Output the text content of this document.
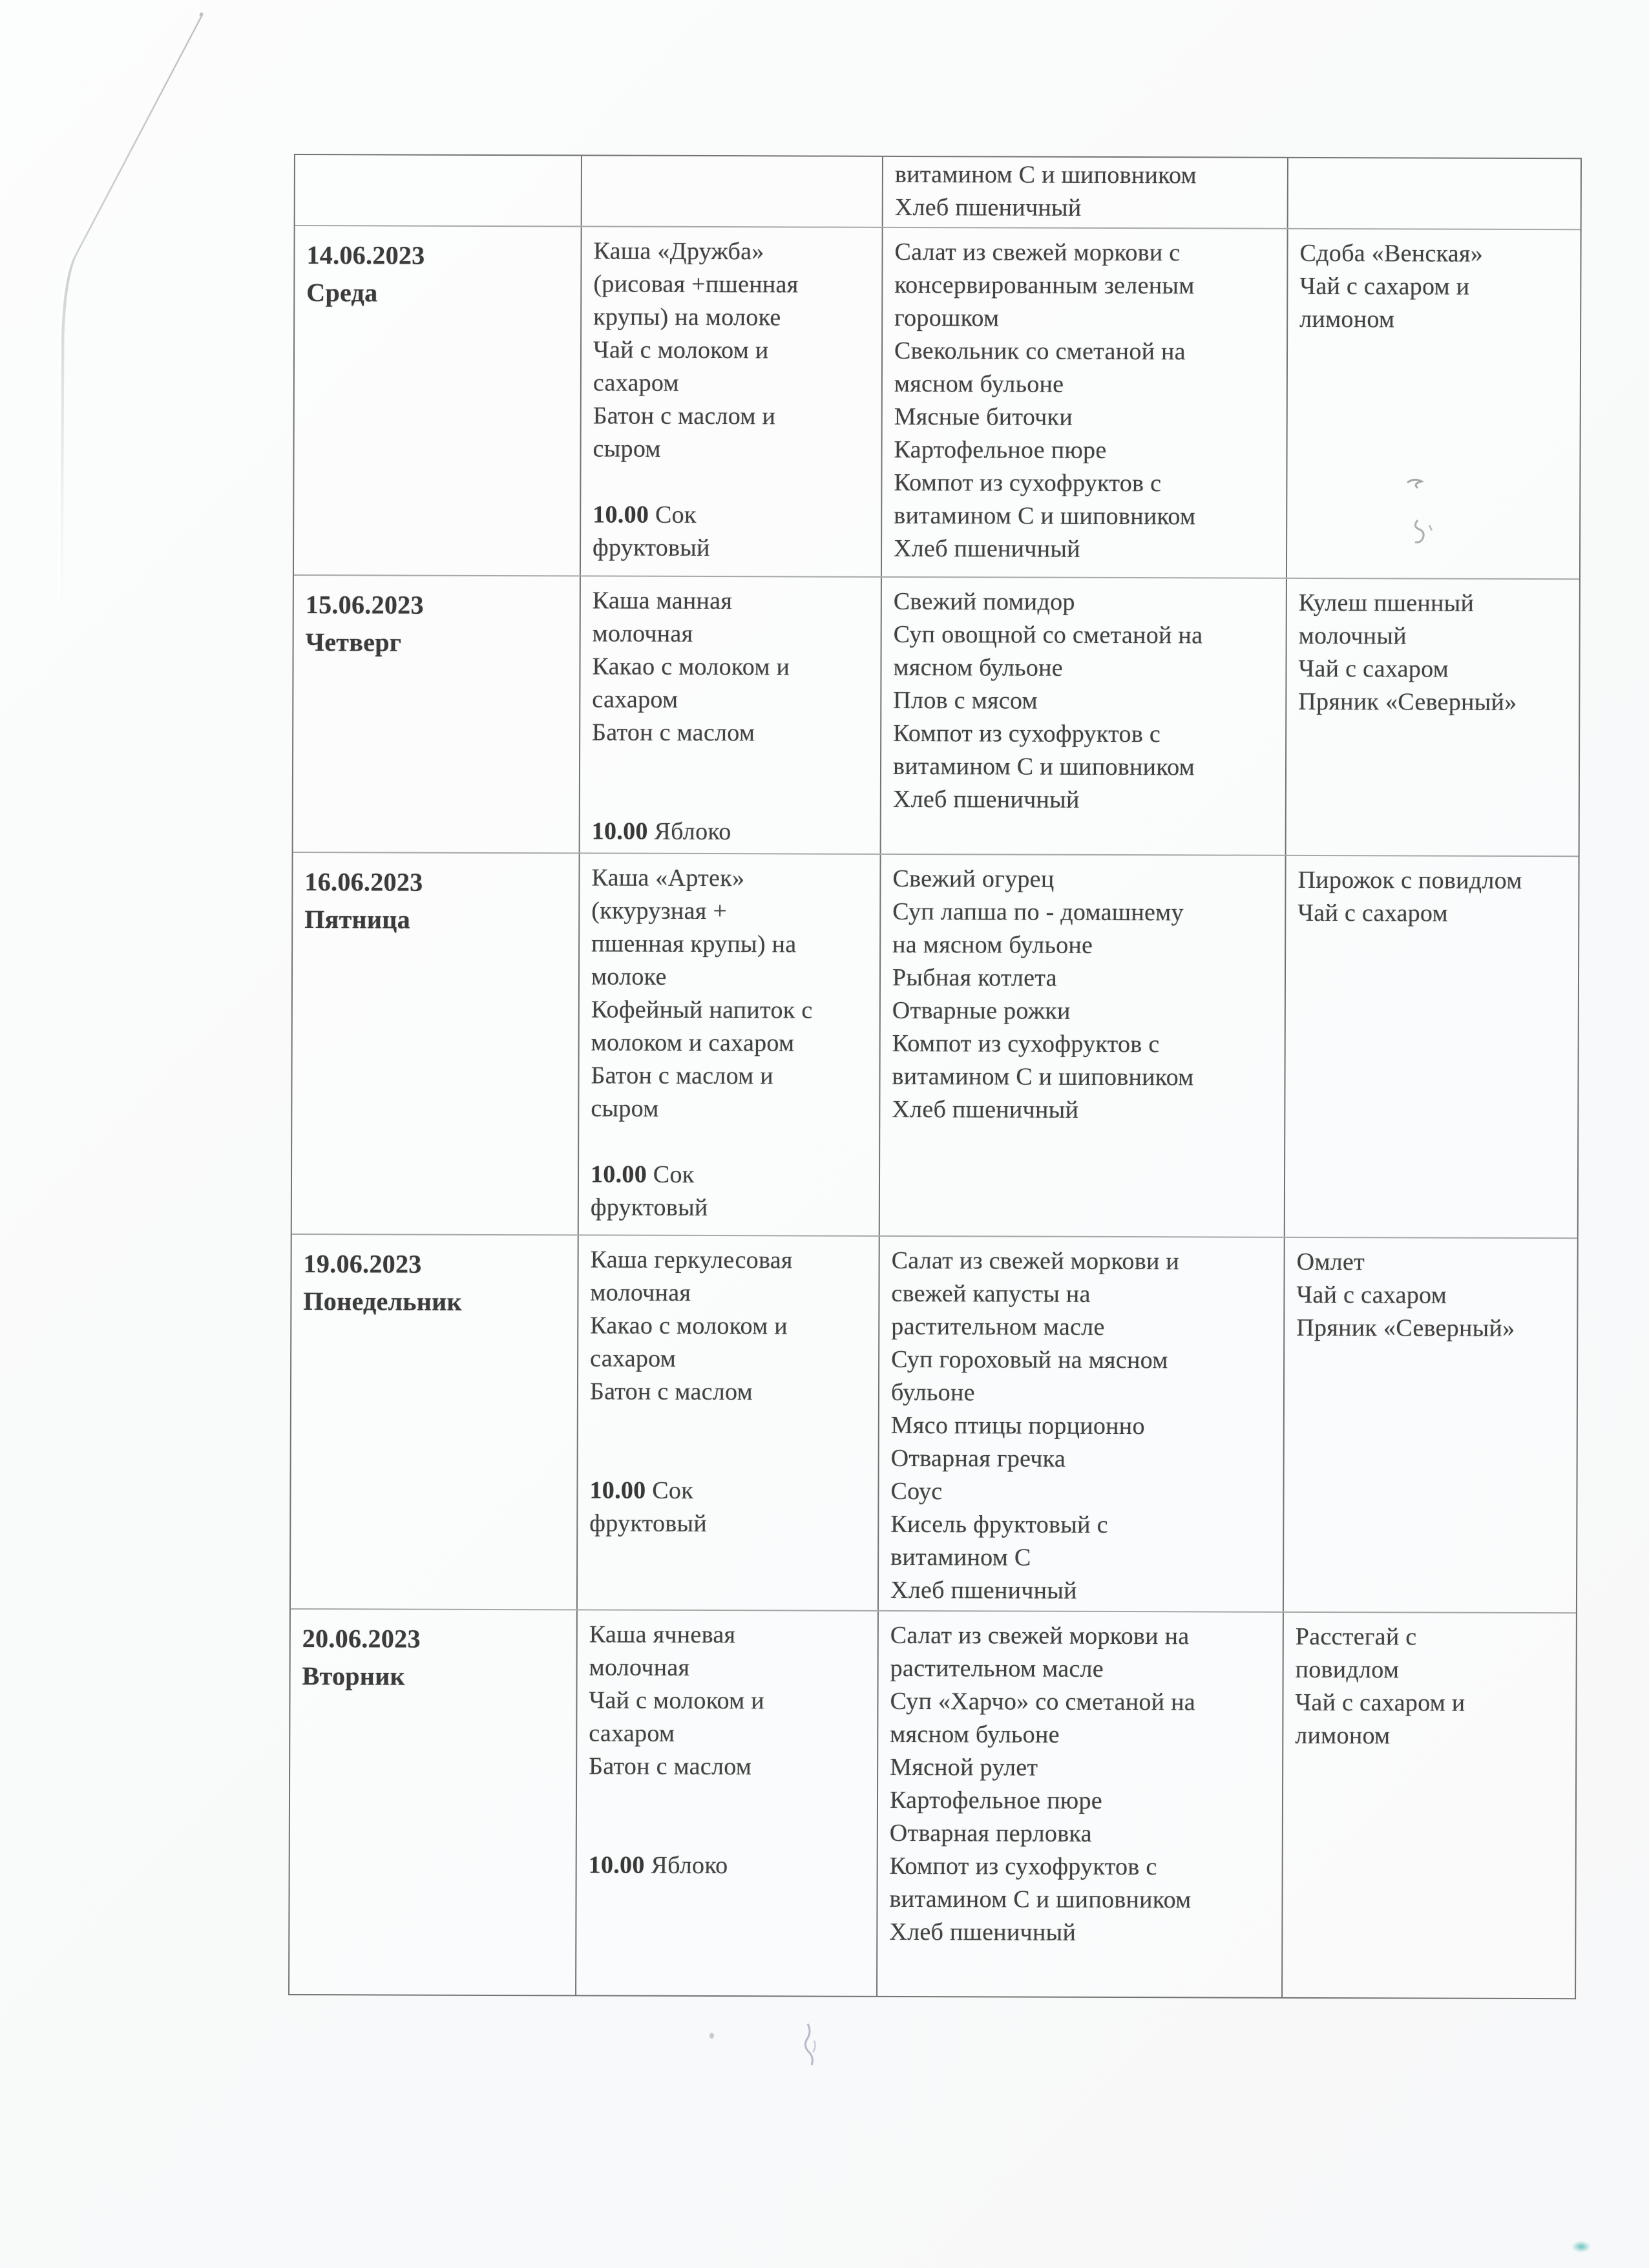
витамином С и шиповником
Хлеб пшеничный
14.06.2023
Среда
Каша «Дружба»
(рисовая +пшенная
крупы) на молоке
Чай с молоком и
сахаром
Батон с маслом и
сыром
10.00 Сок
фруктовый
Салат из свежей моркови с
консервированным зеленым
горошком
Свекольник со сметаной на
мясном бульоне
Мясные биточки
Картофельное пюре
Компот из сухофруктов с
витамином С и шиповником
Хлеб пшеничный
Сдоба «Венская»
Чай с сахаром и
лимоном
15.06.2023
Четверг
Каша манная
молочная
Какао с молоком и
сахаром
Батон с маслом
10.00 Яблоко
Свежий помидор
Суп овощной со сметаной на
мясном бульоне
Плов с мясом
Компот из сухофруктов с
витамином С и шиповником
Хлеб пшеничный
Кулеш пшенный
молочный
Чай с сахаром
Пряник «Северный»
16.06.2023
Пятница
Каша «Артек»
(ккурузная +
пшенная крупы) на
молоке
Кофейный напиток с
молоком и сахаром
Батон с маслом и
сыром
10.00 Сок
фруктовый
Свежий огурец
Суп лапша по - домашнему
на мясном бульоне
Рыбная котлета
Отварные рожки
Компот из сухофруктов с
витамином С и шиповником
Хлеб пшеничный
Пирожок с повидлом
Чай с сахаром
19.06.2023
Понедельник
Каша геркулесовая
молочная
Какао с молоком и
сахаром
Батон с маслом
10.00 Сок
фруктовый
Салат из свежей моркови и
свежей капусты на
растительном масле
Суп гороховый на мясном
бульоне
Мясо птицы порционно
Отварная гречка
Соус
Кисель фруктовый с
витамином С
Хлеб пшеничный
Омлет
Чай с сахаром
Пряник «Северный»
20.06.2023
Вторник
Каша ячневая
молочная
Чай с молоком и
сахаром
Батон с маслом
10.00 Яблоко
Салат из свежей моркови на
растительном масле
Суп «Харчо» со сметаной на
мясном бульоне
Мясной рулет
Картофельное пюре
Отварная перловка
Компот из сухофруктов с
витамином С и шиповником
Хлеб пшеничный
Расстегай с
повидлом
Чай с сахаром и
лимоном
